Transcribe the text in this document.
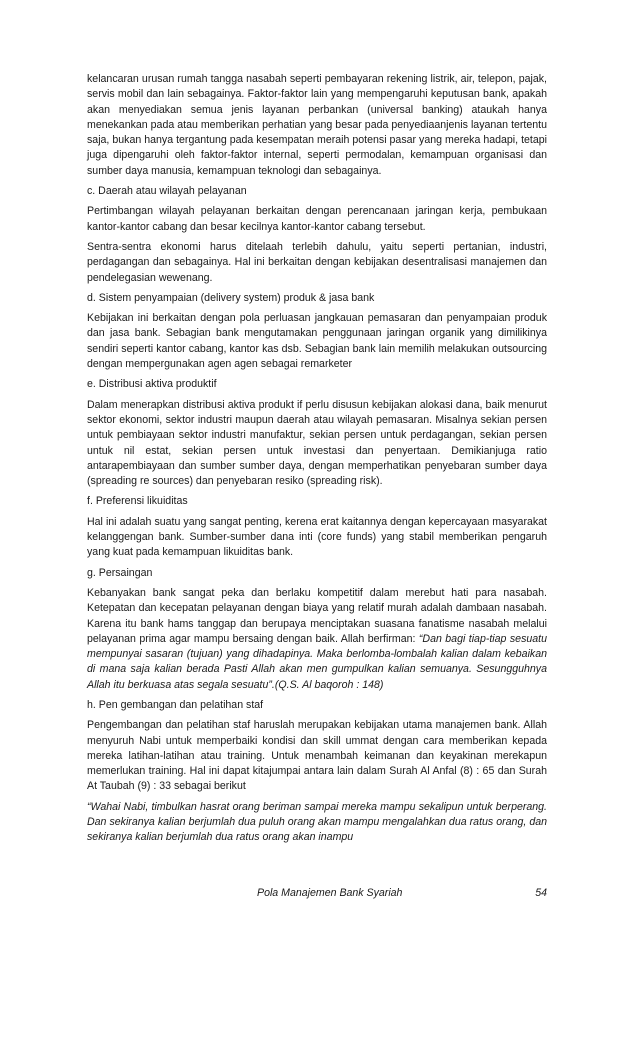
kelancaran urusan rumah tangga nasabah seperti pembayaran rekening listrik, air, telepon, pajak, servis mobil dan lain sebagainya. Faktor-faktor lain yang mempengaruhi keputusan bank, apakah akan menyediakan semua jenis layanan perbankan (universal banking) ataukah hanya menekankan pada atau memberikan perhatian yang besar pada penyediaanjenis layanan tertentu saja, bukan hanya tergantung pada kesempatan meraih potensi pasar yang mereka hadapi, tetapi juga dipengaruhi oleh faktor-faktor internal, seperti permodalan, kemampuan organisasi dan sumber daya manusia, kemampuan teknologi dan sebagainya.

c. Daerah atau wilayah pelayanan

Pertimbangan wilayah pelayanan berkaitan dengan perencanaan jaringan kerja, pembukaan kantor-kantor cabang dan besar kecilnya kantor-kantor cabang tersebut.

Sentra-sentra ekonomi harus ditelaah terlebih dahulu, yaitu seperti pertanian, industri, perdagangan dan sebagainya. Hal ini berkaitan dengan kebijakan desentralisasi manajemen dan pendelegasian wewenang.

d. Sistem penyampaian (delivery system) produk & jasa bank

Kebijakan ini berkaitan dengan pola perluasan jangkauan pemasaran dan penyampaian produk dan jasa bank. Sebagian bank mengutamakan penggunaan jaringan organik yang dimilikinya sendiri seperti kantor cabang, kantor kas dsb. Sebagian bank lain memilih melakukan outsourcing dengan mempergunakan agen agen sebagai remarketer

e. Distribusi aktiva produktif

Dalam menerapkan distribusi aktiva produkt if perlu disusun kebijakan alokasi dana, baik menurut sektor ekonomi, sektor industri maupun daerah atau wilayah pemasaran. Misalnya sekian persen untuk pembiayaan sektor industri manufaktur, sekian persen untuk perdagangan, sekian persen untuk nil estat, sekian persen untuk investasi dan penyertaan. Demikianjuga ratio antarapembiayaan dan sumber sumber daya, dengan memperhatikan penyebaran sumber daya (spreading re sources) dan penyebaran resiko (spreading risk).

f. Preferensi likuiditas

Hal ini adalah suatu yang sangat penting, kerena erat kaitannya dengan kepercayaan masyarakat kelanggengan bank. Sumber-sumber dana inti (core funds) yang stabil memberikan pengaruh yang kuat pada kemampuan likuiditas bank.

g. Persaingan

Kebanyakan bank sangat peka dan berlaku kompetitif dalam merebut hati para nasabah. Ketepatan dan kecepatan pelayanan dengan biaya yang relatif murah adalah dambaan nasabah. Karena itu bank hams tanggap dan berupaya menciptakan suasana fanatisme nasabah melalui pelayanan prima agar mampu bersaing dengan baik. Allah berfirman: “Dan bagi tiap-tiap sesuatu mempunyai sasaran (tujuan) yang dihadapinya. Maka berlomba-lombalah kalian dalam kebaikan di mana saja kalian berada Pasti Allah akan men gumpulkan kalian semuanya. Sesungguhnya Allah itu berkuasa atas segala sesuatu”.(Q.S. Al baqoroh : 148)

h. Pen gembangan dan pelatihan staf

Pengembangan dan pelatihan staf haruslah merupakan kebijakan utama manajemen bank. Allah menyuruh Nabi untuk memperbaiki kondisi dan skill ummat dengan cara memberikan kepada mereka latihan-latihan atau training. Untuk menambah keimanan dan keyakinan merekapun memerlukan training. Hal ini dapat kitajumpai antara lain dalam Surah Al Anfal (8) : 65 dan Surah At Taubah (9) : 33 sebagai berikut

“Wahai Nabi, timbulkan hasrat orang beriman sampai mereka mampu sekalipun untuk berperang. Dan sekiranya kalian berjumlah dua puluh orang akan mampu mengalahkan dua ratus orang, dan sekiranya kalian berjumlah dua ratus orang akan inampu

Pola Manajemen Bank Syariah	54
